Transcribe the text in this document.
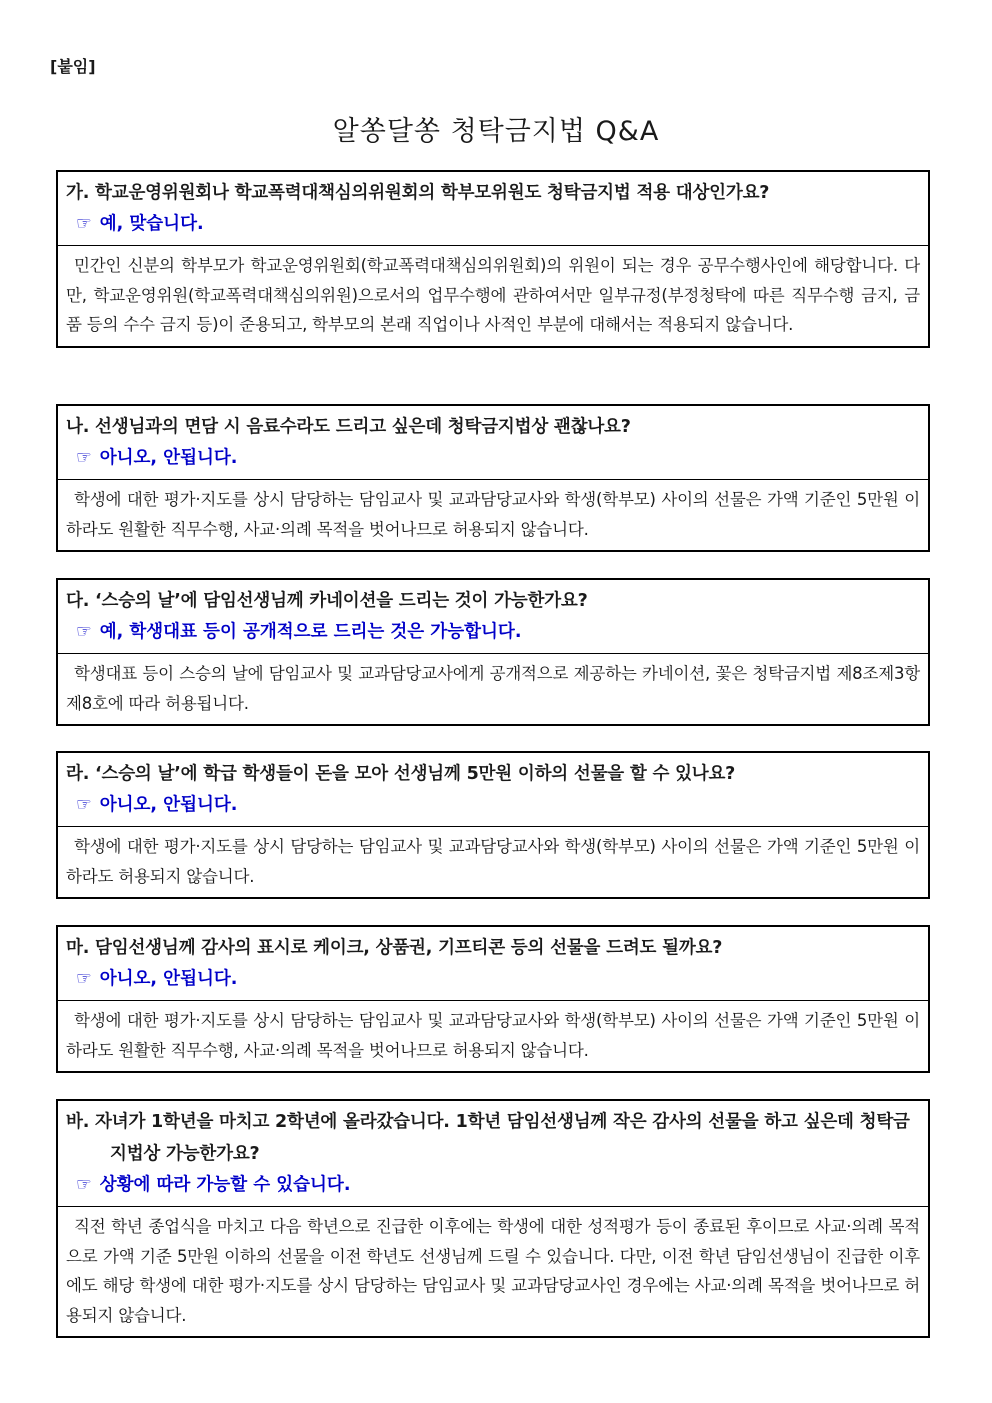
[붙임]
알쏭달쏭 청탁금지법 Q&A
가. 학교운영위원회나 학교폭력대책심의위원회의 학부모위원도 청탁금지법 적용 대상인가요?
☞ 예, 맞습니다.
민간인 신분의 학부모가 학교운영위원회(학교폭력대책심의위원회)의 위원이 되는 경우 공무수행사인에 해당합니다. 다만, 학교운영위원(학교폭력대책심의위원)으로서의 업무수행에 관하여서만 일부규정(부정청탁에 따른 직무수행 금지, 금품 등의 수수 금지 등)이 준용되고, 학부모의 본래 직업이나 사적인 부분에 대해서는 적용되지 않습니다.
나. 선생님과의 면담 시 음료수라도 드리고 싶은데 청탁금지법상 괜찮나요?
☞ 아니오, 안됩니다.
학생에 대한 평가·지도를 상시 담당하는 담임교사 및 교과담당교사와 학생(학부모) 사이의 선물은 가액 기준인 5만원 이하라도 원활한 직무수행, 사교·의례 목적을 벗어나므로 허용되지 않습니다.
다. ‘스승의 날’에 담임선생님께 카네이션을 드리는 것이 가능한가요?
☞ 예, 학생대표 등이 공개적으로 드리는 것은 가능합니다.
학생대표 등이 스승의 날에 담임교사 및 교과담당교사에게 공개적으로 제공하는 카네이션, 꽃은 청탁금지법 제8조제3항제8호에 따라 허용됩니다.
라. ‘스승의 날’에 학급 학생들이 돈을 모아 선생님께 5만원 이하의 선물을 할 수 있나요?
☞ 아니오, 안됩니다.
학생에 대한 평가·지도를 상시 담당하는 담임교사 및 교과담당교사와 학생(학부모) 사이의 선물은 가액 기준인 5만원 이하라도 허용되지 않습니다.
마. 담임선생님께 감사의 표시로 케이크, 상품권, 기프티콘 등의 선물을 드려도 될까요?
☞ 아니오, 안됩니다.
학생에 대한 평가·지도를 상시 담당하는 담임교사 및 교과담당교사와 학생(학부모) 사이의 선물은 가액 기준인 5만원 이하라도 원활한 직무수행, 사교·의례 목적을 벗어나므로 허용되지 않습니다.
바. 자녀가 1학년을 마치고 2학년에 올라갔습니다. 1학년 담임선생님께 작은 감사의 선물을 하고 싶은데 청탁금지법상 가능한가요?
☞ 상황에 따라 가능할 수 있습니다.
직전 학년 종업식을 마치고 다음 학년으로 진급한 이후에는 학생에 대한 성적평가 등이 종료된 후이므로 사교·의례 목적으로 가액 기준 5만원 이하의 선물을 이전 학년도 선생님께 드릴 수 있습니다. 다만, 이전 학년 담임선생님이 진급한 이후에도 해당 학생에 대한 평가·지도를 상시 담당하는 담임교사 및 교과담당교사인 경우에는 사교·의례 목적을 벗어나므로 허용되지 않습니다.
